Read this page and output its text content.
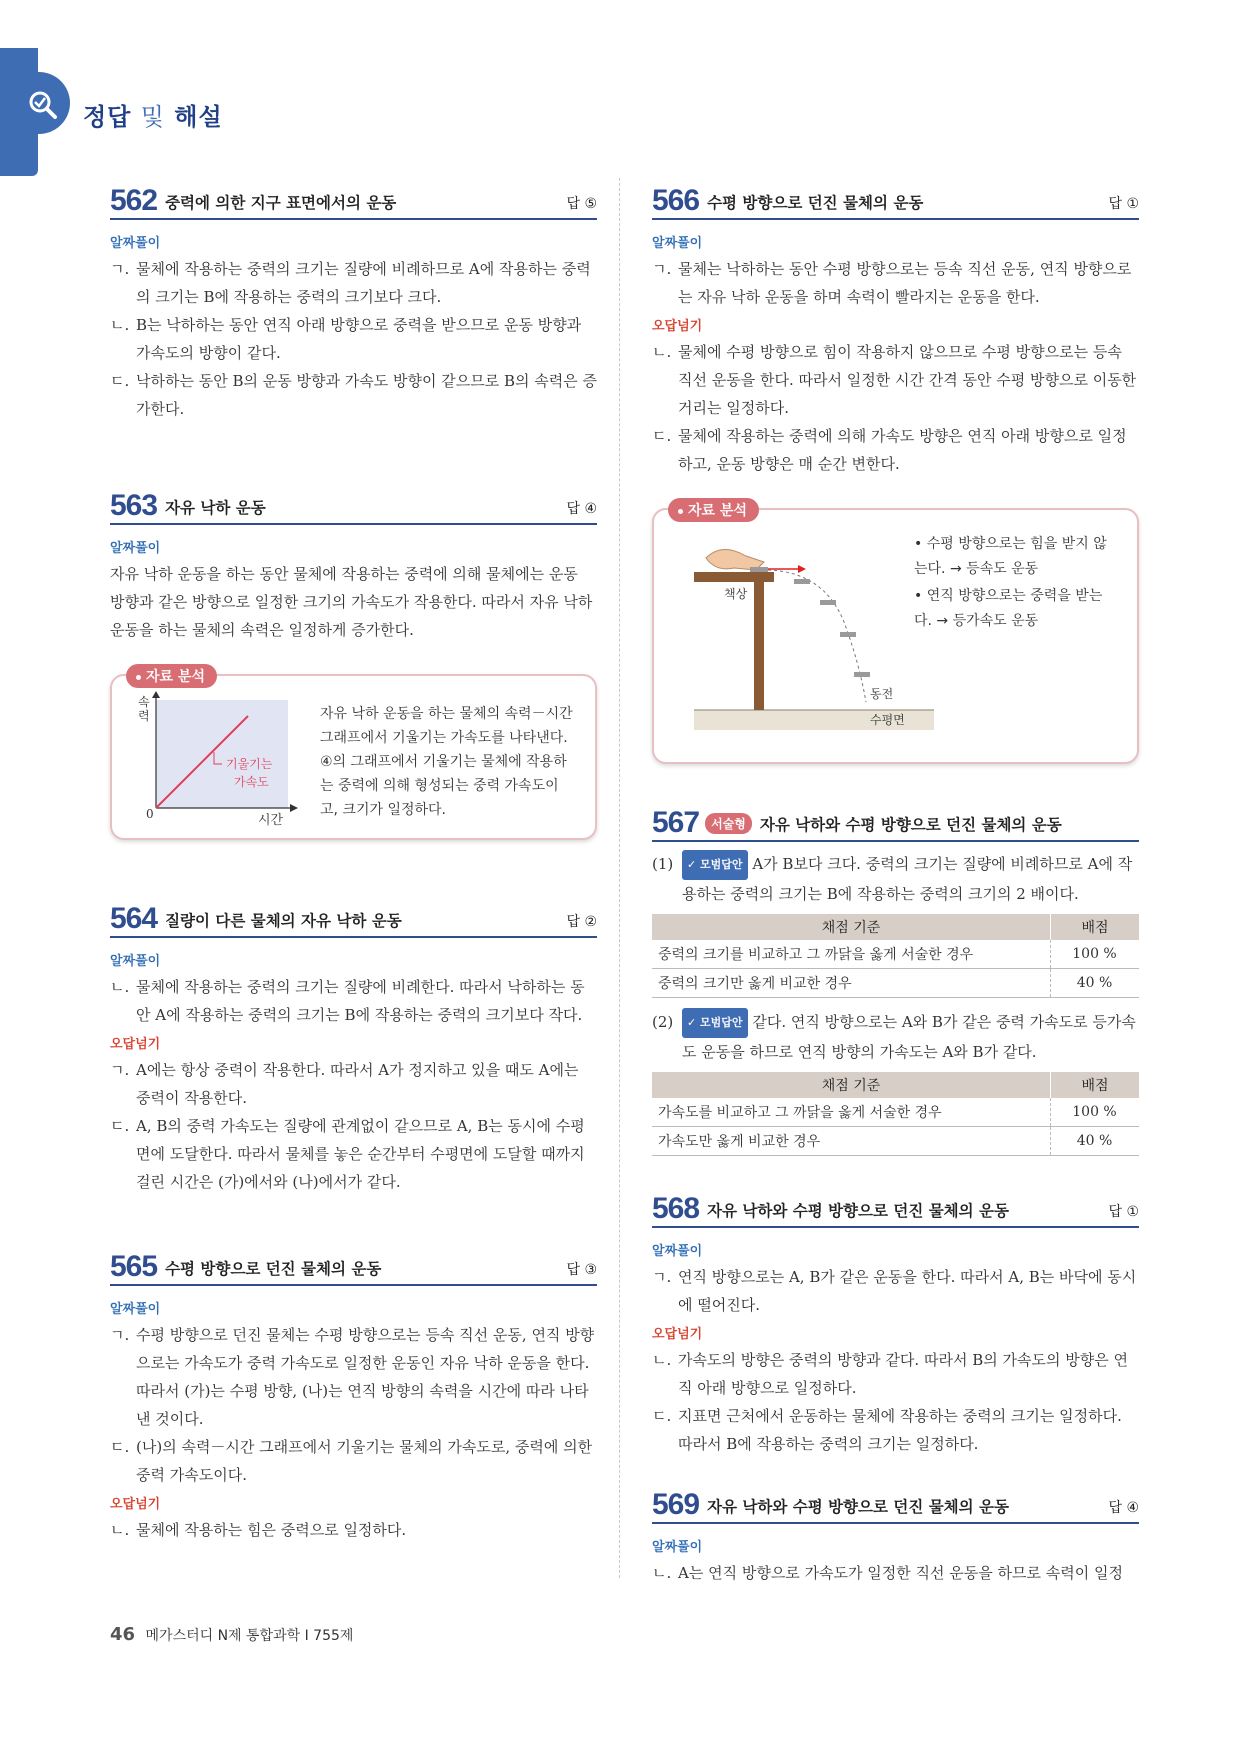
정답 및 해설
562 중력에 의한 지구 표면에서의 운동	답 ⑤
알짜풀이
ㄱ. 물체에 작용하는 중력의 크기는 질량에 비례하므로 A에 작용하는 중력의 크기는 B에 작용하는 중력의 크기보다 크다.
ㄴ. B는 낙하하는 동안 연직 아래 방향으로 중력을 받으므로 운동 방향과 가속도의 방향이 같다.
ㄷ. 낙하하는 동안 B의 운동 방향과 가속도 방향이 같으므로 B의 속력은 증가한다.
563 자유 낙하 운동	답 ④
알짜풀이
자유 낙하 운동을 하는 동안 물체에 작용하는 중력에 의해 물체에는 운동 방향과 같은 방향으로 일정한 크기의 가속도가 작용한다. 따라서 자유 낙하 운동을 하는 물체의 속력은 일정하게 증가한다.
자료 분석
속
력
0	시간
기울기는
가속도
자유 낙하 운동을 하는 물체의 속력－시간 그래프에서 기울기는 가속도를 나타낸다. ④의 그래프에서 기울기는 물체에 작용하는 중력에 의해 형성되는 중력 가속도이고, 크기가 일정하다.
564 질량이 다른 물체의 자유 낙하 운동	답 ②
알짜풀이
ㄴ. 물체에 작용하는 중력의 크기는 질량에 비례한다. 따라서 낙하하는 동안 A에 작용하는 중력의 크기는 B에 작용하는 중력의 크기보다 작다.
오답넘기
ㄱ. A에는 항상 중력이 작용한다. 따라서 A가 정지하고 있을 때도 A에는 중력이 작용한다.
ㄷ. A, B의 중력 가속도는 질량에 관계없이 같으므로 A, B는 동시에 수평면에 도달한다. 따라서 물체를 놓은 순간부터 수평면에 도달할 때까지 걸린 시간은 (가)에서와 (나)에서가 같다.
565 수평 방향으로 던진 물체의 운동	답 ③
알짜풀이
ㄱ. 수평 방향으로 던진 물체는 수평 방향으로는 등속 직선 운동, 연직 방향으로는 가속도가 중력 가속도로 일정한 운동인 자유 낙하 운동을 한다. 따라서 (가)는 수평 방향, (나)는 연직 방향의 속력을 시간에 따라 나타낸 것이다.
ㄷ. (나)의 속력－시간 그래프에서 기울기는 물체의 가속도로, 중력에 의한 중력 가속도이다.
오답넘기
ㄴ. 물체에 작용하는 힘은 중력으로 일정하다.
566 수평 방향으로 던진 물체의 운동	답 ①
알짜풀이
ㄱ. 물체는 낙하하는 동안 수평 방향으로는 등속 직선 운동, 연직 방향으로는 자유 낙하 운동을 하며 속력이 빨라지는 운동을 한다.
오답넘기
ㄴ. 물체에 수평 방향으로 힘이 작용하지 않으므로 수평 방향으로는 등속 직선 운동을 한다. 따라서 일정한 시간 간격 동안 수평 방향으로 이동한 거리는 일정하다.
ㄷ. 물체에 작용하는 중력에 의해 가속도 방향은 연직 아래 방향으로 일정하고, 운동 방향은 매 순간 변한다.
자료 분석
책상
동전
수평면
• 수평 방향으로는 힘을 받지 않는다. → 등속도 운동
• 연직 방향으로는 중력을 받는다. → 등가속도 운동
567	서술형 자유 낙하와 수평 방향으로 던진 물체의 운동
(1)	✓ 모범답안 A가 B보다 크다. 중력의 크기는 질량에 비례하므로 A에 작용하는 중력의 크기는 B에 작용하는 중력의 크기의 2 배이다.
채점 기준	배점
중력의 크기를 비교하고 그 까닭을 옳게 서술한 경우	100 %
중력의 크기만 옳게 비교한 경우	40 %
(2)	✓ 모범답안 같다. 연직 방향으로는 A와 B가 같은 중력 가속도로 등가속도 운동을 하므로 연직 방향의 가속도는 A와 B가 같다.
채점 기준	배점
가속도를 비교하고 그 까닭을 옳게 서술한 경우	100 %
가속도만 옳게 비교한 경우	40 %
568 자유 낙하와 수평 방향으로 던진 물체의 운동	답 ①
알짜풀이
ㄱ. 연직 방향으로는 A, B가 같은 운동을 한다. 따라서 A, B는 바닥에 동시에 떨어진다.
오답넘기
ㄴ. 가속도의 방향은 중력의 방향과 같다. 따라서 B의 가속도의 방향은 연직 아래 방향으로 일정하다.
ㄷ. 지표면 근처에서 운동하는 물체에 작용하는 중력의 크기는 일정하다. 따라서 B에 작용하는 중력의 크기는 일정하다.
569 자유 낙하와 수평 방향으로 던진 물체의 운동	답 ④
알짜풀이
ㄴ. A는 연직 방향으로 가속도가 일정한 직선 운동을 하므로 속력이 일정
46 메가스터디 N제 통합과학 Ⅰ 755제
